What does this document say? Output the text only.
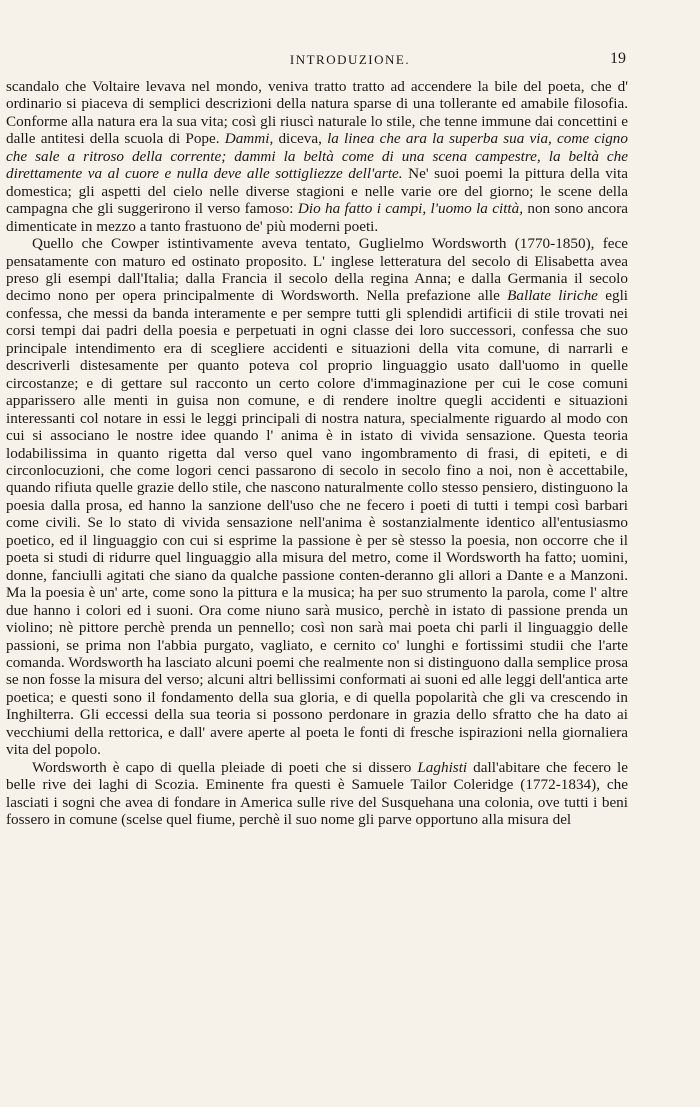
INTRODUZIONE.	19

scandalo che Voltaire levava nel mondo, veniva tratto tratto ad accendere la bile del poeta, che d' ordinario si piaceva di semplici descrizioni della natura sparse di una tollerante ed amabile filosofia. Conforme alla natura era la sua vita; così gli riuscì naturale lo stile, che tenne immune dai concettini e dalle antitesi della scuola di Pope. Dammi, diceva, la linea che ara la superba sua via, come cigno che sale a ritroso della corrente; dammi la beltà come di una scena campestre, la beltà che direttamente va al cuore e nulla deve alle sottigliezze dell'arte. Ne' suoi poemi la pittura della vita domestica; gli aspetti del cielo nelle diverse stagioni e nelle varie ore del giorno; le scene della campagna che gli suggerirono il verso famoso: Dio ha fatto i campi, l'uomo la città, non sono ancora dimenticate in mezzo a tanto frastuono de' più moderni poeti.

Quello che Cowper istintivamente aveva tentato, Guglielmo Wordsworth (1770-1850), fece pensatamente con maturo ed ostinato proposito. L' inglese letteratura del secolo di Elisabetta avea preso gli esempi dall'Italia; dalla Francia il secolo della regina Anna; e dalla Germania il secolo decimo nono per opera principalmente di Wordsworth. Nella prefazione alle Ballate liriche egli confessa, che messi da banda interamente e per sempre tutti gli splendidi artificii di stile trovati nei corsi tempi dai padri della poesia e perpetuati in ogni classe dei loro successori, confessa che suo principale intendimento era di scegliere accidenti e situazioni della vita comune, di narrarli e descriverli distesamente per quanto poteva col proprio linguaggio usato dall'uomo in quelle circostanze; e di gettare sul racconto un certo colore d'immaginazione per cui le cose comuni apparissero alle menti in guisa non comune, e di rendere inoltre quegli accidenti e situazioni interessanti col notare in essi le leggi principali di nostra natura, specialmente riguardo al modo con cui si associano le nostre idee quando l' anima è in istato di vivida sensazione. Questa teoria lodabilissima in quanto rigetta dal verso quel vano ingombramento di frasi, di epiteti, e di circonlocuzioni, che come logori cenci passarono di secolo in secolo fino a noi, non è accettabile, quando rifiuta quelle grazie dello stile, che nascono naturalmente collo stesso pensiero, distinguono la poesia dalla prosa, ed hanno la sanzione dell'uso che ne fecero i poeti di tutti i tempi così barbari come civili. Se lo stato di vivida sensazione nell'anima è sostanzialmente identico all'entusiasmo poetico, ed il linguaggio con cui si esprime la passione è per sè stesso la poesia, non occorre che il poeta si studi di ridurre quel linguaggio alla misura del metro, come il Wordsworth ha fatto; uomini, donne, fanciulli agitati che siano da qualche passione conten-deranno gli allori a Dante e a Manzoni. Ma la poesia è un' arte, come sono la pittura e la musica; ha per suo strumento la parola, come l' altre due hanno i colori ed i suoni. Ora come niuno sarà musico, perchè in istato di passione prenda un violino; nè pittore perchè prenda un pennello; così non sarà mai poeta chi parli il linguaggio delle passioni, se prima non l'abbia purgato, vagliato, e cernito co' lunghi e fortissimi studii che l'arte comanda. Wordsworth ha lasciato alcuni poemi che realmente non si distinguono dalla semplice prosa se non fosse la misura del verso; alcuni altri bellissimi conformati ai suoni ed alle leggi dell'antica arte poetica; e questi sono il fondamento della sua gloria, e di quella popolarità che gli va crescendo in Inghilterra. Gli eccessi della sua teoria si possono perdonare in grazia dello sfratto che ha dato ai vecchiumi della rettorica, e dall' avere aperte al poeta le fonti di fresche ispirazioni nella giornaliera vita del popolo.

Wordsworth è capo di quella pleiade di poeti che si dissero Laghisti dall'abitare che fecero le belle rive dei laghi di Scozia. Eminente fra questi è Samuele Tailor Coleridge (1772-1834), che lasciati i sogni che avea di fondare in America sulle rive del Susquehana una colonia, ove tutti i beni fossero in comune (scelse quel fiume, perchè il suo nome gli parve opportuno alla misura del
